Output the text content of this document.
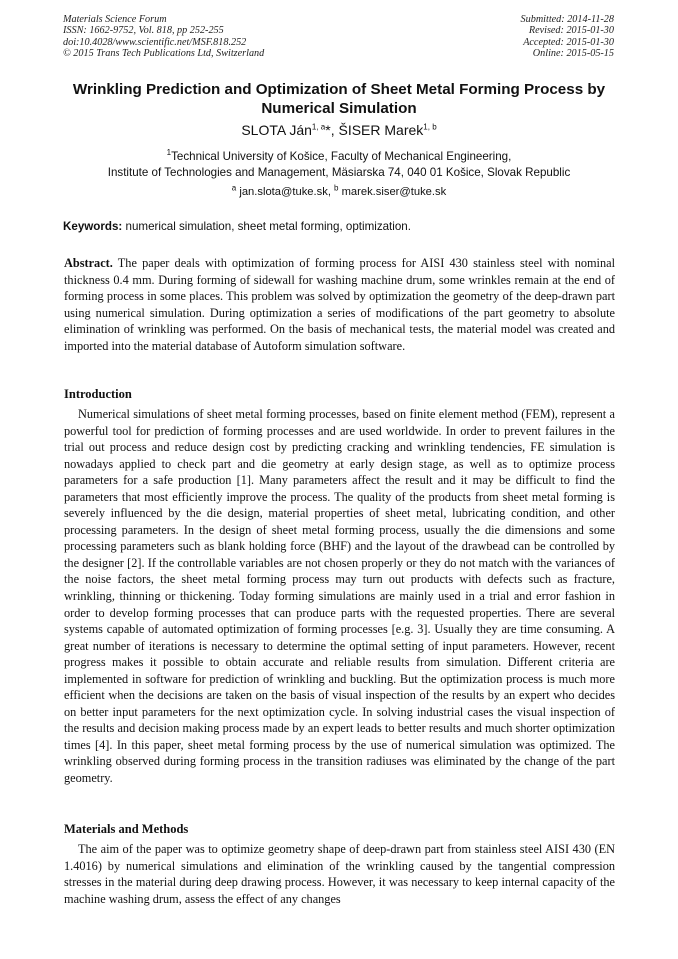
Materials Science Forum
ISSN: 1662-9752, Vol. 818, pp 252-255
doi:10.4028/www.scientific.net/MSF.818.252
© 2015 Trans Tech Publications Ltd, Switzerland
Submitted: 2014-11-28
Revised: 2015-01-30
Accepted: 2015-01-30
Online: 2015-05-15
Wrinkling Prediction and Optimization of Sheet Metal Forming Process by Numerical Simulation
SLOTA Ján$^{1, a}$*, ŠISER Marek$^{1, b}$
$^1$Technical University of Košice, Faculty of Mechanical Engineering,
Institute of Technologies and Management, Mäsiarska 74, 040 01 Košice, Slovak Republic
$^a$ jan.slota@tuke.sk, $^b$ marek.siser@tuke.sk
Keywords: numerical simulation, sheet metal forming, optimization.
Abstract. The paper deals with optimization of forming process for AISI 430 stainless steel with nominal thickness 0.4 mm. During forming of sidewall for washing machine drum, some wrinkles remain at the end of forming process in some places. This problem was solved by optimization the geometry of the deep-drawn part using numerical simulation. During optimization a series of modifications of the part geometry to absolute elimination of wrinkling was performed. On the basis of mechanical tests, the material model was created and imported into the material database of Autoform simulation software.
Introduction

Numerical simulations of sheet metal forming processes, based on finite element method (FEM), represent a powerful tool for prediction of forming processes and are used worldwide. In order to prevent failures in the trial out process and reduce design cost by predicting cracking and wrinkling tendencies, FE simulation is nowadays applied to check part and die geometry at early design stage, as well as to optimize process parameters for a safe production [1]. Many parameters affect the result and it may be difficult to find the parameters that most efficiently improve the process. The quality of the products from sheet metal forming is severely influenced by the die design, material properties of sheet metal, lubricating condition, and other processing parameters. In the design of sheet metal forming process, usually the die dimensions and some processing parameters such as blank holding force (BHF) and the layout of the drawbead can be controlled by the designer [2]. If the controllable variables are not chosen properly or they do not match with the variances of the noise factors, the sheet metal forming process may turn out products with defects such as fracture, wrinkling, thinning or thickening. Today forming simulations are mainly used in a trial and error fashion in order to develop forming processes that can produce parts with the requested properties. There are several systems capable of automated optimization of forming processes [e.g. 3]. Usually they are time consuming. A great number of iterations is necessary to determine the optimal setting of input parameters. However, recent progress makes it possible to obtain accurate and reliable results from simulation. Different criteria are implemented in software for prediction of wrinkling and buckling. But the optimization process is much more efficient when the decisions are taken on the basis of visual inspection of the results by an expert who decides on better input parameters for the next optimization cycle. In solving industrial cases the visual inspection of the results and decision making process made by an expert leads to better results and much shorter optimization times [4]. In this paper, sheet metal forming process by the use of numerical simulation was optimized. The wrinkling observed during forming process in the transition radiuses was eliminated by the change of the part geometry.

Materials and Methods

The aim of the paper was to optimize geometry shape of deep-drawn part from stainless steel AISI 430 (EN 1.4016) by numerical simulations and elimination of the wrinkling caused by the tangential compression stresses in the material during deep drawing process. However, it was necessary to keep internal capacity of the machine washing drum, assess the effect of any changes
